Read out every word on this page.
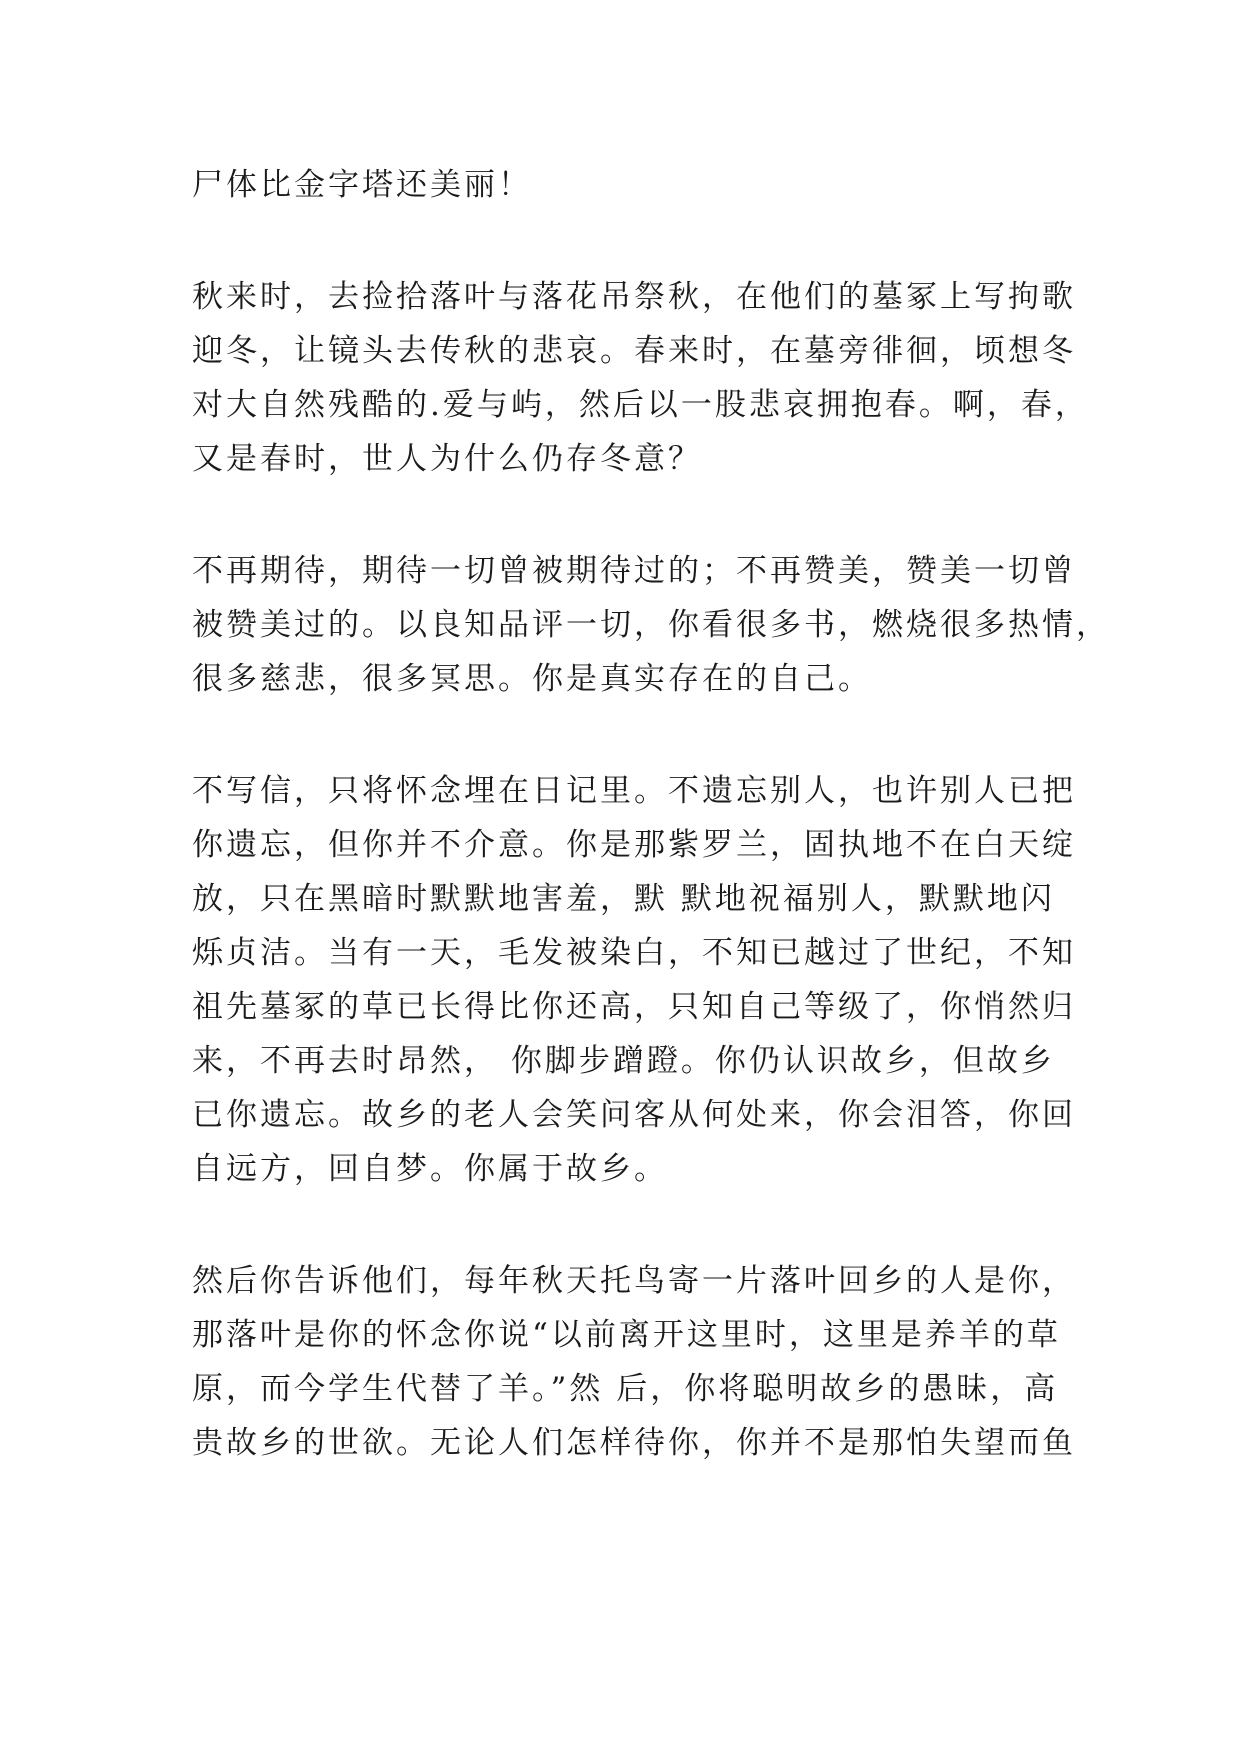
尸体比金字塔还美丽！

秋来时，去捡拾落叶与落花吊祭秋，在他们的墓冢上写拘歌
迎冬，让镜头去传秋的悲哀。春来时，在墓旁徘徊，顷想冬
对大自然残酷的.爱与屿，然后以一股悲哀拥抱春。啊，春，
又是春时，世人为什么仍存冬意？

不再期待，期待一切曾被期待过的；不再赞美，赞美一切曾
被赞美过的。以良知品评一切，你看很多书，燃烧很多热情，
很多慈悲，很多冥思。你是真实存在的自己。

不写信，只将怀念埋在日记里。不遗忘别人，也许别人已把
你遗忘，但你并不介意。你是那紫罗兰，固执地不在白天绽
放，只在黑暗时默默地害羞，默 默地祝福别人，默默地闪
烁贞洁。当有一天，毛发被染白，不知已越过了世纪，不知
祖先墓冢的草已长得比你还高，只知自己等级了，你悄然归
来，不再去时昂然， 你脚步蹭蹬。你仍认识故乡，但故乡
已你遗忘。故乡的老人会笑问客从何处来，你会泪答，你回
自远方，回自梦。你属于故乡。

然后你告诉他们，每年秋天托鸟寄一片落叶回乡的人是你，
那落叶是你的怀念你说“以前离开这里时，这里是养羊的草
原，而今学生代替了羊。”然 后，你将聪明故乡的愚昧，高
贵故乡的世欲。无论人们怎样待你，你并不是那怕失望而鱼
